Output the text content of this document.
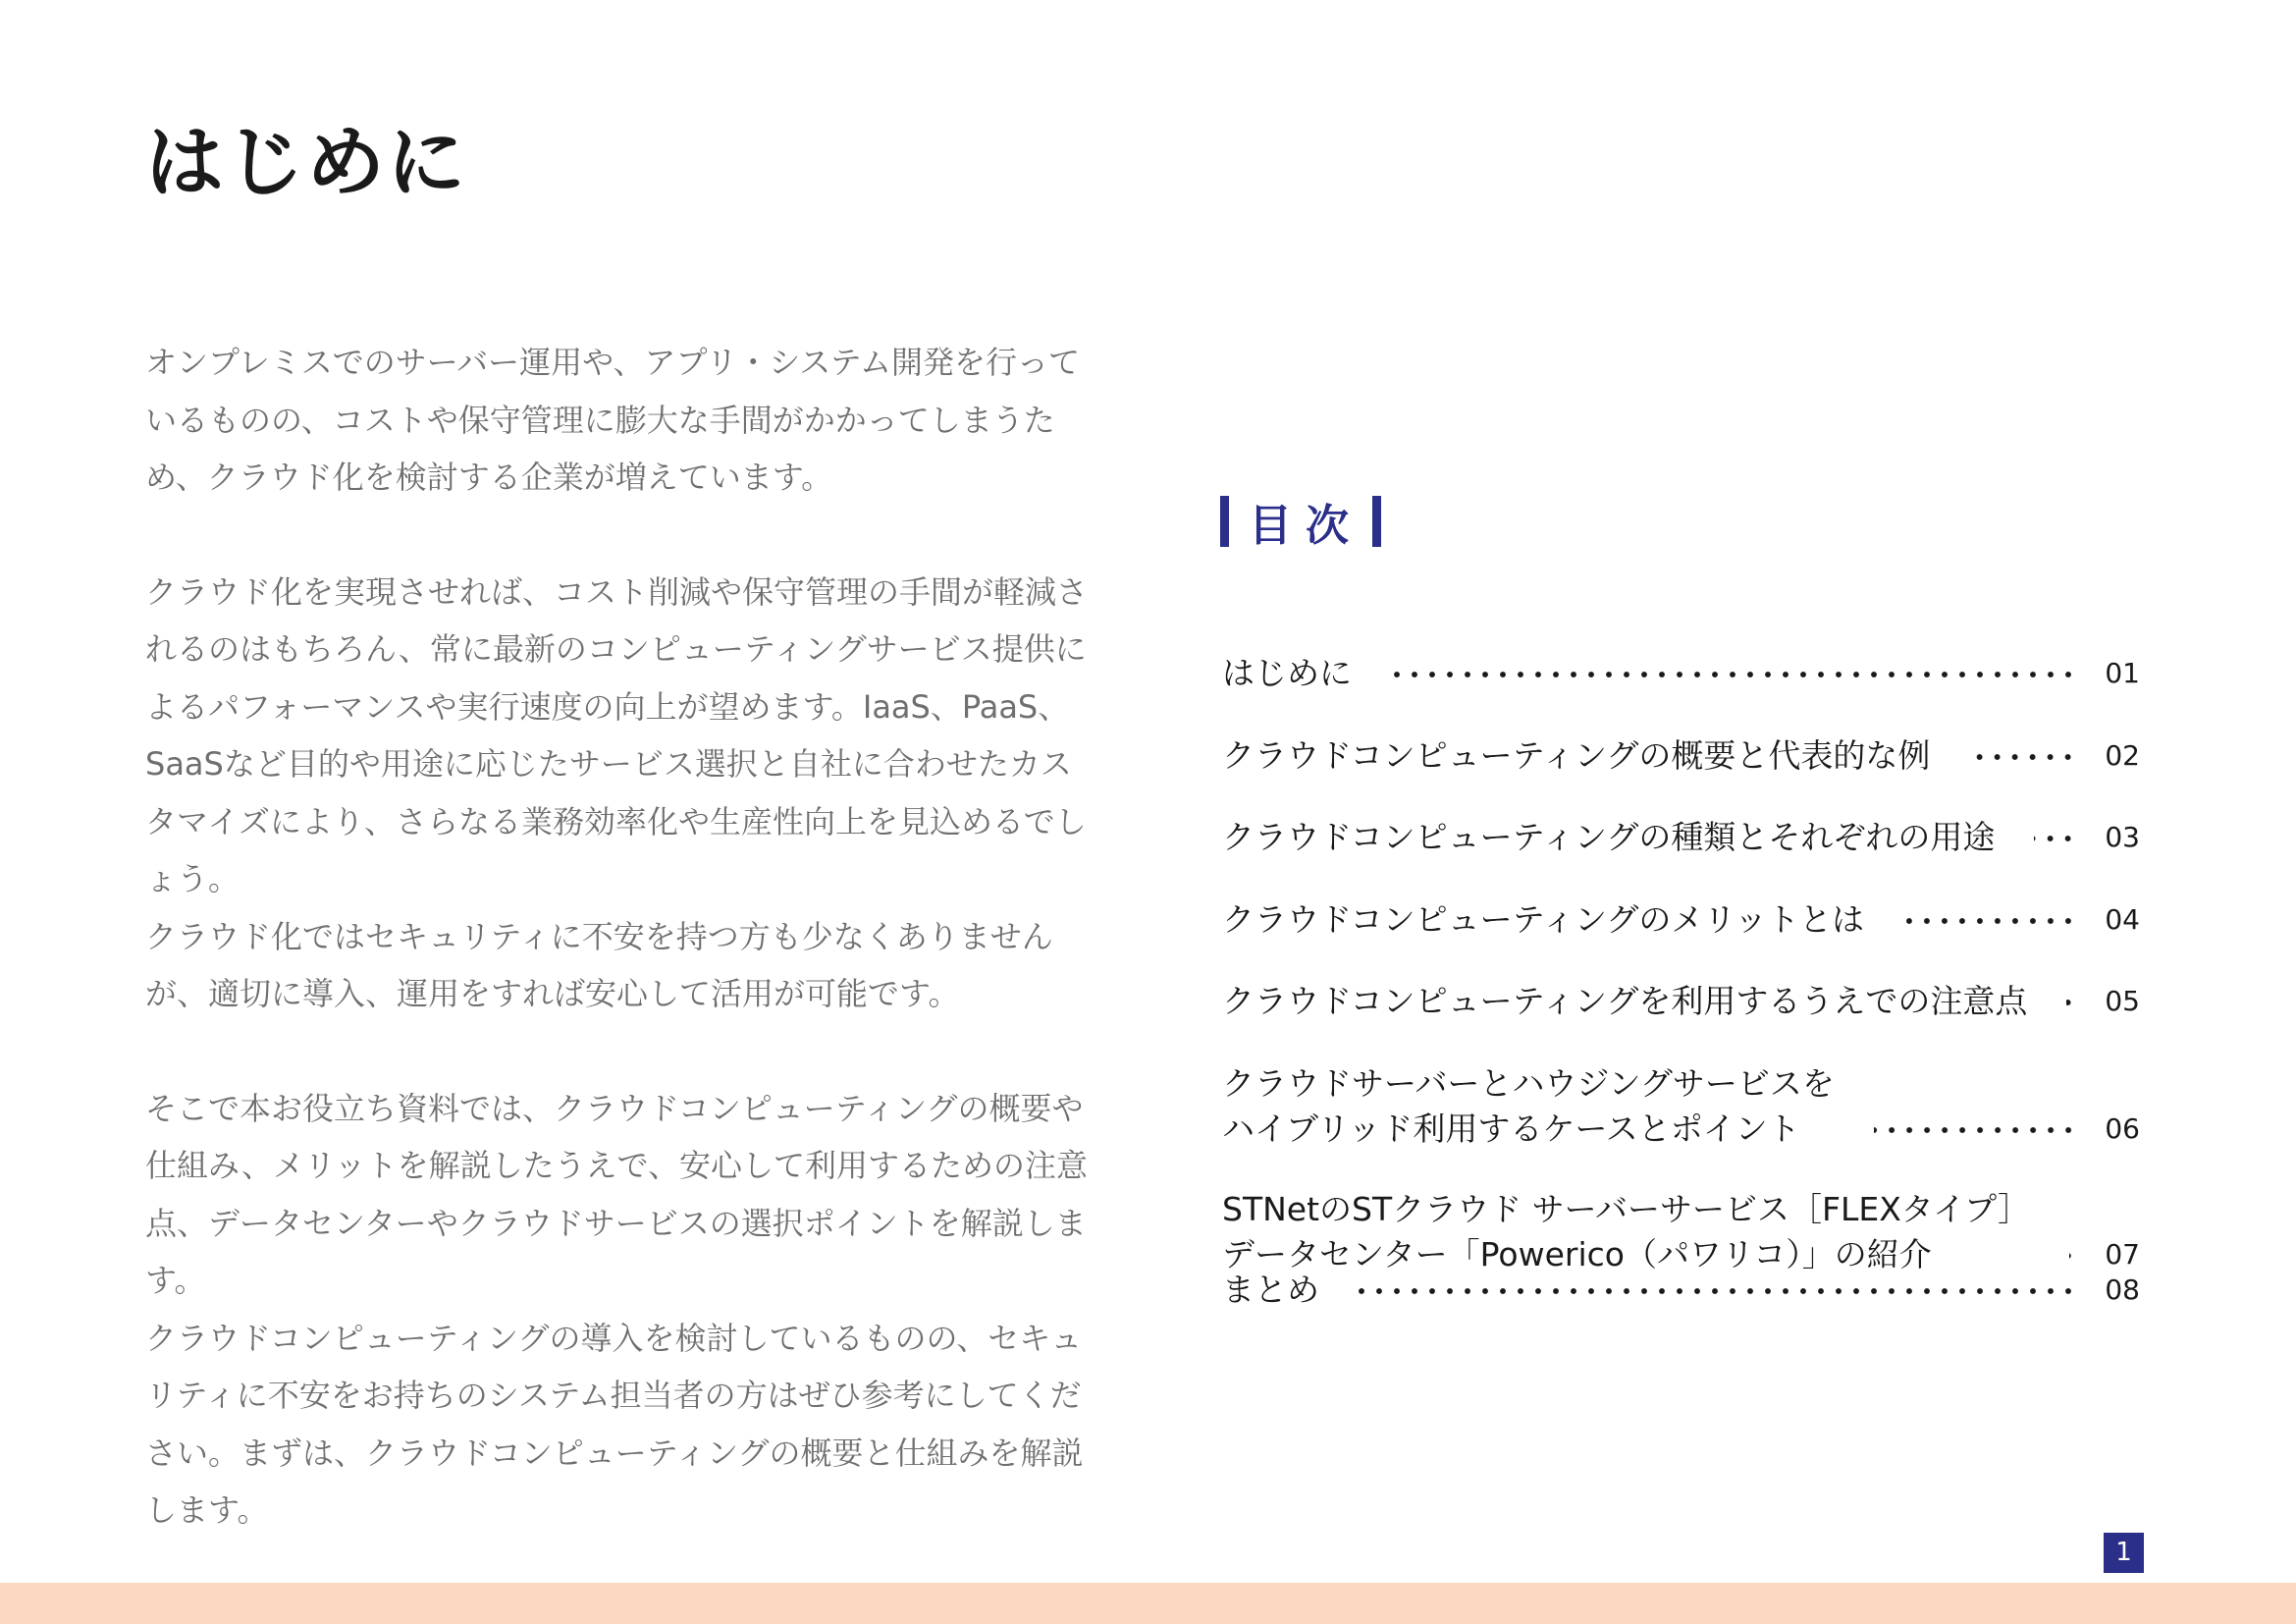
はじめに

オンプレミスでのサーバー運用や、アプリ・システム開発を行っているものの、コストや保守管理に膨大な手間がかかってしまうため、クラウド化を検討する企業が増えています。

クラウド化を実現させれば、コスト削減や保守管理の手間が軽減されるのはもちろん、常に最新のコンピューティングサービス提供によるパフォーマンスや実行速度の向上が望めます。IaaS、PaaS、SaaSなど目的や用途に応じたサービス選択と自社に合わせたカスタマイズにより、さらなる業務効率化や生産性向上を見込めるでしょう。

クラウド化ではセキュリティに不安を持つ方も少なくありませんが、適切に導入、運用をすれば安心して活用が可能です。

そこで本お役立ち資料では、クラウドコンピューティングの概要や仕組み、メリットを解説したうえで、安心して利用するための注意点、データセンターやクラウドサービスの選択ポイントを解説します。

クラウドコンピューティングの導入を検討しているものの、セキュリティに不安をお持ちのシステム担当者の方はぜひ参考にしてください。まずは、クラウドコンピューティングの概要と仕組みを解説します。

目次
はじめに	01
クラウドコンピューティングの概要と代表的な例	02
クラウドコンピューティングの種類とそれぞれの用途	03
クラウドコンピューティングのメリットとは	04
クラウドコンピューティングを利用するうえでの注意点	05
クラウドサーバーとハウジングサービスを
ハイブリッド利用するケースとポイント	06
STNetのSTクラウド サーバーサービス［FLEXタイプ］
データセンター「Powerico（パワリコ）」の紹介	07
まとめ	08
1
